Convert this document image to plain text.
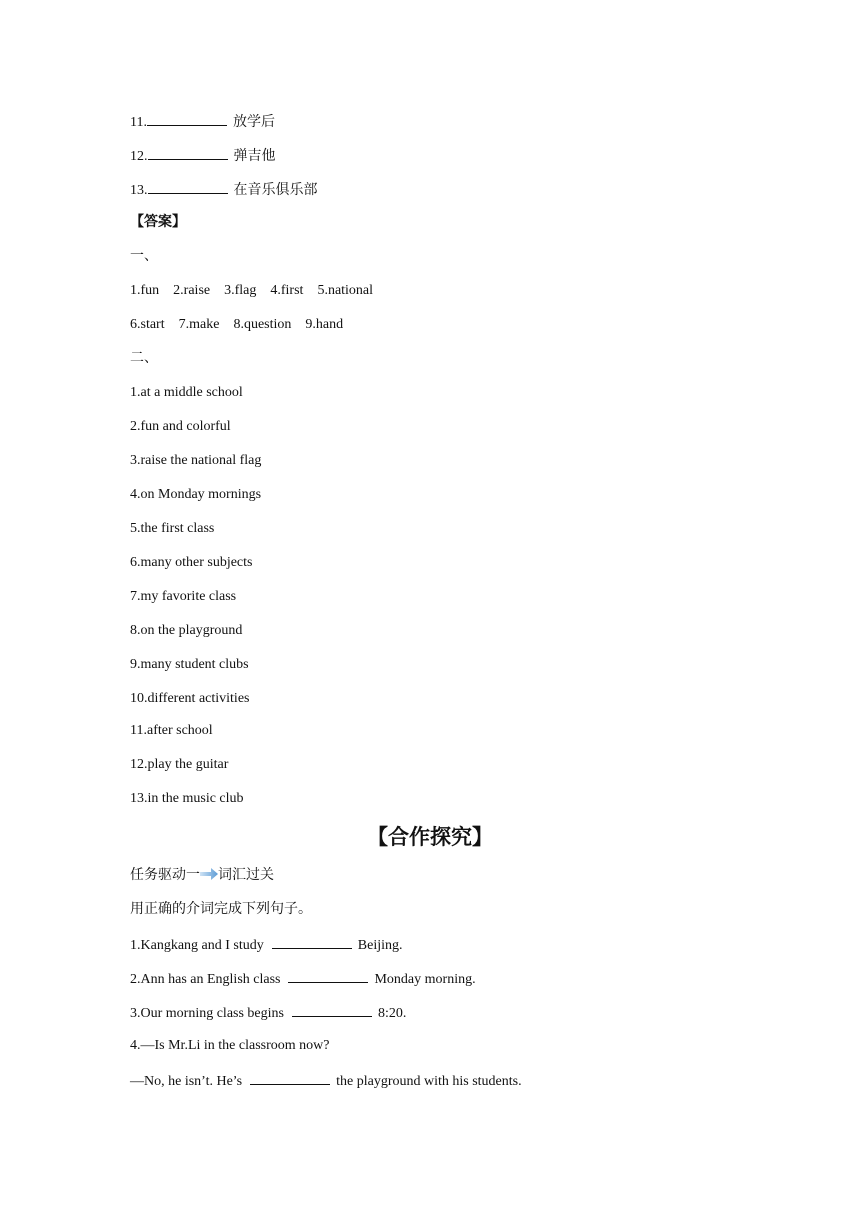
11.	放学后
12.	弹吉他
13.	在音乐俱乐部
【答案】
一、
1.fun 2.raise 3.flag 4.first 5.national
6.start 7.make 8.question 9.hand
二、
1.at a middle school
2.fun and colorful
3.raise the national flag
4.on Monday mornings
5.the first class
6.many other subjects
7.my favorite class
8.on the playground
9.many student clubs
10.different activities
11.after school
12.play the guitar
13.in the music club
【合作探究】
任务驱动一 词汇过关
用正确的介词完成下列句子。
1.Kangkang and I study	Beijing.
2.Ann has an English class	Monday morning.
3.Our morning class begins	8:20.
4.—Is Mr.Li in the classroom now?
—No, he isn’t. He’s	the playground with his students.
